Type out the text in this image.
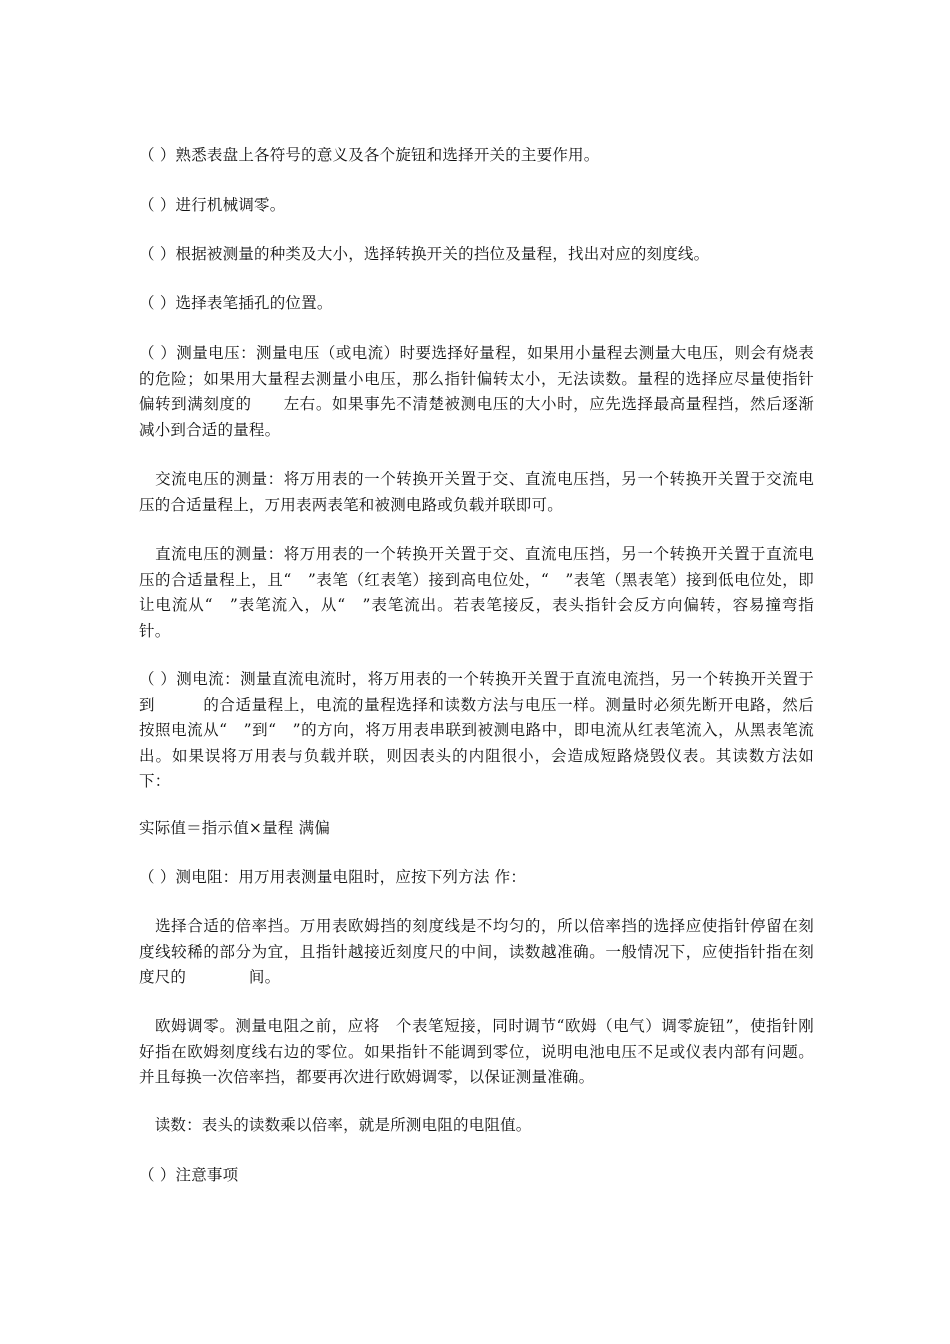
（ ）熟悉表盘上各符号的意义及各个旋钮和选择开关的主要作用。

（ ）进行机械调零。

（ ）根据被测量的种类及大小，选择转换开关的挡位及量程，找出对应的刻度线。

（ ）选择表笔插孔的位置。

（ ）测量电压：测量电压（或电流）时要选择好量程，如果用小量程去测量大电压，则会有烧表的危险；如果用大量程去测量小电压，那么指针偏转太小，无法读数。量程的选择应尽量使指针偏转到满刻度的　　左右。如果事先不清楚被测电压的大小时，应先选择最高量程挡，然后逐渐减小到合适的量程。

　交流电压的测量：将万用表的一个转换开关置于交、直流电压挡，另一个转换开关置于交流电压的合适量程上，万用表两表笔和被测电路或负载并联即可。

　直流电压的测量：将万用表的一个转换开关置于交、直流电压挡，另一个转换开关置于直流电压的合适量程上，且“　”表笔（红表笔）接到高电位处，“　”表笔（黑表笔）接到低电位处，即让电流从“　”表笔流入，从“　”表笔流出。若表笔接反，表头指针会反方向偏转，容易撞弯指针。

（ ）测电流：测量直流电流时，将万用表的一个转换开关置于直流电流挡，另一个转换开关置于　　　到　　　的合适量程上，电流的量程选择和读数方法与电压一样。测量时必须先断开电路，然后按照电流从“　”到“　”的方向，将万用表串联到被测电路中，即电流从红表笔流入，从黑表笔流出。如果误将万用表与负载并联，则因表头的内阻很小，会造成短路烧毁仪表。其读数方法如下：

实际值＝指示值×量程 满偏

（ ）测电阻：用万用表测量电阻时，应按下列方法 作：

　选择合适的倍率挡。万用表欧姆挡的刻度线是不均匀的，所以倍率挡的选择应使指针停留在刻度线较稀的部分为宜，且指针越接近刻度尺的中间，读数越准确。一般情况下，应使指针指在刻度尺的　　　　间。

　欧姆调零。测量电阻之前，应将　个表笔短接，同时调节“欧姆（电气）调零旋钮”，使指针刚好指在欧姆刻度线右边的零位。如果指针不能调到零位，说明电池电压不足或仪表内部有问题。并且每换一次倍率挡，都要再次进行欧姆调零，以保证测量准确。

　读数：表头的读数乘以倍率，就是所测电阻的电阻值。

（ ）注意事项
